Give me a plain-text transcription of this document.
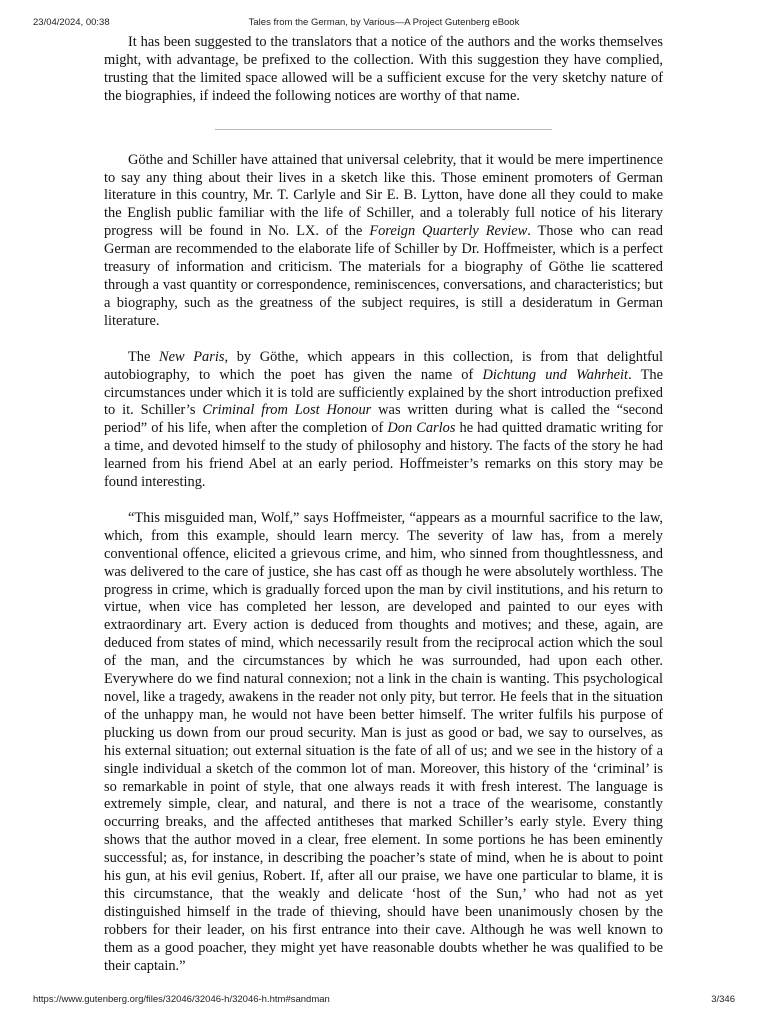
23/04/2024, 00:38	Tales from the German, by Various—A Project Gutenberg eBook

It has been suggested to the translators that a notice of the authors and the works themselves might, with advantage, be prefixed to the collection. With this suggestion they have complied, trusting that the limited space allowed will be a sufficient excuse for the very sketchy nature of the biographies, if indeed the following notices are worthy of that name.

Göthe and Schiller have attained that universal celebrity, that it would be mere impertinence to say any thing about their lives in a sketch like this. Those eminent promoters of German literature in this country, Mr. T. Carlyle and Sir E. B. Lytton, have done all they could to make the English public familiar with the life of Schiller, and a tolerably full notice of his literary progress will be found in No. LX. of the Foreign Quarterly Review. Those who can read German are recommended to the elaborate life of Schiller by Dr. Hoffmeister, which is a perfect treasury of information and criticism. The materials for a biography of Göthe lie scattered through a vast quantity or correspondence, reminiscences, conversations, and characteristics; but a biography, such as the greatness of the subject requires, is still a desideratum in German literature.

The New Paris, by Göthe, which appears in this collection, is from that delightful autobiography, to which the poet has given the name of Dichtung und Wahrheit. The circumstances under which it is told are sufficiently explained by the short introduction prefixed to it. Schiller’s Criminal from Lost Honour was written during what is called the “second period” of his life, when after the completion of Don Carlos he had quitted dramatic writing for a time, and devoted himself to the study of philosophy and history. The facts of the story he had learned from his friend Abel at an early period. Hoffmeister’s remarks on this story may be found interesting.

“This misguided man, Wolf,” says Hoffmeister, “appears as a mournful sacrifice to the law, which, from this example, should learn mercy. The severity of law has, from a merely conventional offence, elicited a grievous crime, and him, who sinned from thoughtlessness, and was delivered to the care of justice, she has cast off as though he were absolutely worthless. The progress in crime, which is gradually forced upon the man by civil institutions, and his return to virtue, when vice has completed her lesson, are developed and painted to our eyes with extraordinary art. Every action is deduced from thoughts and motives; and these, again, are deduced from states of mind, which necessarily result from the reciprocal action which the soul of the man, and the circumstances by which he was surrounded, had upon each other. Everywhere do we find natural connexion; not a link in the chain is wanting. This psychological novel, like a tragedy, awakens in the reader not only pity, but terror. He feels that in the situation of the unhappy man, he would not have been better himself. The writer fulfils his purpose of plucking us down from our proud security. Man is just as good or bad, we say to ourselves, as his external situation; out external situation is the fate of all of us; and we see in the history of a single individual a sketch of the common lot of man. Moreover, this history of the ‘criminal’ is so remarkable in point of style, that one always reads it with fresh interest. The language is extremely simple, clear, and natural, and there is not a trace of the wearisome, constantly occurring breaks, and the affected antitheses that marked Schiller’s early style. Every thing shows that the author moved in a clear, free element. In some portions he has been eminently successful; as, for instance, in describing the poacher’s state of mind, when he is about to point his gun, at his evil genius, Robert. If, after all our praise, we have one particular to blame, it is this circumstance, that the weakly and delicate ‘host of the Sun,’ who had not as yet distinguished himself in the trade of thieving, should have been unanimously chosen by the robbers for their leader, on his first entrance into their cave. Although he was well known to them as a good poacher, they might yet have reasonable doubts whether he was qualified to be their captain.”

https://www.gutenberg.org/files/32046/32046-h/32046-h.htm#sandman	3/346
